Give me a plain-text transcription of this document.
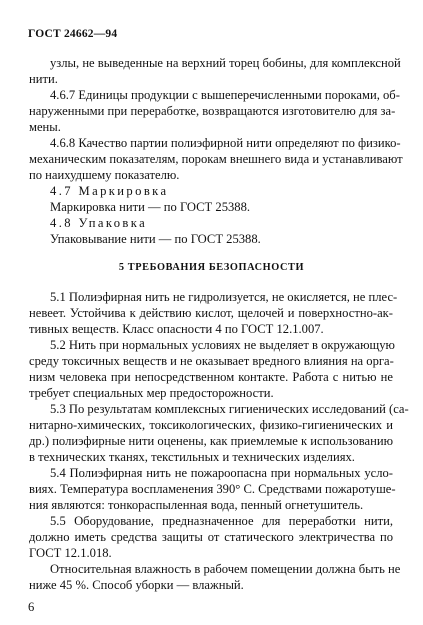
ГОСТ 24662—94
узлы, не выведенные на верхний торец бобины, для комплексной
нити.
4.6.7 Единицы продукции с вышеперечисленными пороками, об-
наруженными при переработке, возвращаются изготовителю для за-
мены.
4.6.8 Качество партии полиэфирной нити определяют по физико-
механическим показателям, порокам внешнего вида и устанавливают
по наихудшему показателю.
4.7 Маркировка
Маркировка нити — по ГОСТ 25388.
4.8 Упаковка
Упаковывание нити — по ГОСТ 25388.
5 ТРЕБОВАНИЯ БЕЗОПАСНОСТИ
5.1 Полиэфирная нить не гидролизуется, не окисляется, не плес-
невеет. Устойчива к действию кислот, щелочей и поверхностно-ак-
тивных веществ. Класс опасности 4 по ГОСТ 12.1.007.
5.2 Нить при нормальных условиях не выделяет в окружающую
среду токсичных веществ и не оказывает вредного влияния на орга-
низм человека при непосредственном контакте. Работа с нитью не
требует специальных мер предосторожности.
5.3 По результатам комплексных гигиенических исследований (са-
нитарно-химических, токсикологических, физико-гигиенических и
др.) полиэфирные нити оценены, как приемлемые к использованию
в технических тканях, текстильных и технических изделиях.
5.4 Полиэфирная нить не пожароопасна при нормальных усло-
виях. Температура воспламенения 390° С. Средствами пожаротуше-
ния являются: тонкораспыленная вода, пенный огнетушитель.
5.5 Оборудование, предназначенное для переработки нити,
должно иметь средства защиты от статического электричества по
ГОСТ 12.1.018.
Относительная влажность в рабочем помещении должна быть не
ниже 45 %. Способ уборки — влажный.
6
